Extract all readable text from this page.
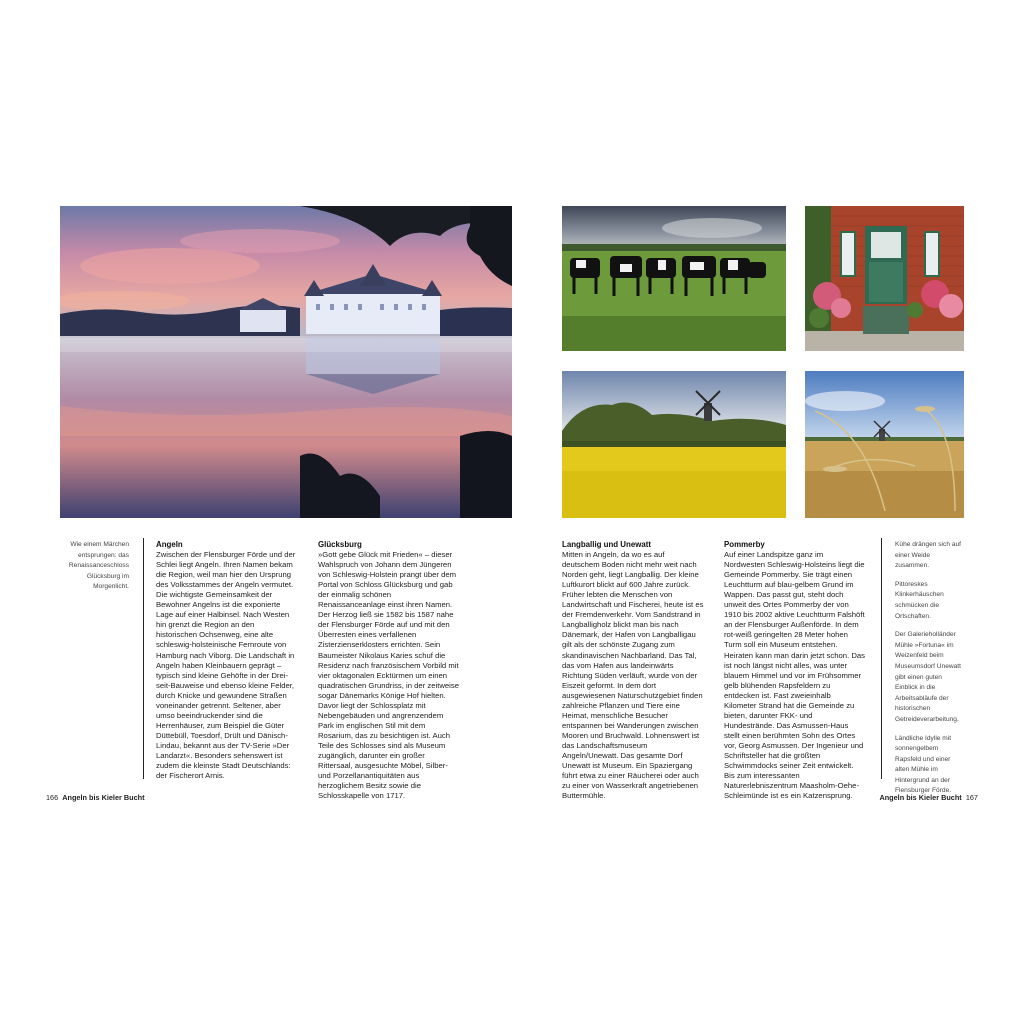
Wie einem Märchen entsprungen: das Renaissanceschloss Glücksburg im Morgenlicht.

Angeln

Zwischen der Flensburger Förde und der Schlei liegt Angeln. Ihren Namen bekam die Region, weil man hier den Ursprung des Volksstammes der Angeln vermutet. Die wichtigste Gemeinsamkeit der Bewohner Angelns ist die exponierte Lage auf einer Halbinsel. Nach Westen hin grenzt die Region an den historischen Ochsenweg, eine alte schleswig-holsteinische Fernroute von Hamburg nach Viborg. Die Landschaft in Angeln haben Kleinbauern geprägt – typisch sind kleine Gehöfte in der Drei-seit-Bauweise und ebenso kleine Felder, durch Knicke und gewundene Straßen voneinander getrennt. Seltener, aber umso beeindruckender sind die Herrenhäuser, zum Beispiel die Güter Düttebüll, Toesdorf, Drült und Dänisch-Lindau, bekannt aus der TV-Serie »Der Landarzt«. Besonders sehenswert ist zudem die kleinste Stadt Deutschlands: der Fischerort Arnis.

Glücksburg

»Gott gebe Glück mit Frieden« – dieser Wahlspruch von Johann dem Jüngeren von Schleswig-Holstein prangt über dem Portal von Schloss Glücksburg und gab der einmalig schönen Renaissanceanlage einst ihren Namen. Der Herzog ließ sie 1582 bis 1587 nahe der Flensburger Förde auf und mit den Überresten eines verfallenen Zisterzienserklosters errichten. Sein Baumeister Nikolaus Karies schuf die Residenz nach französischem Vorbild mit vier oktagonalen Ecktürmen um einen quadratischen Grundriss, in der zeitweise sogar Dänemarks Könige Hof hielten.

Davor liegt der Schlossplatz mit Nebengebäuden und angrenzendem Park im englischen Stil mit dem Rosarium, das zu besichtigen ist. Auch Teile des Schlosses sind als Museum zugänglich, darunter ein großer Rittersaal, ausgesuchte Möbel, Silber- und Porzellanantiquitäten aus herzoglichem Besitz sowie die Schlosskapelle von 1717.

Langballig und Unewatt

Mitten in Angeln, da wo es auf deutschem Boden nicht mehr weit nach Norden geht, liegt Langballig. Der kleine Luftkurort blickt auf 600 Jahre zurück. Früher lebten die Menschen von Landwirtschaft und Fischerei, heute ist es der Fremdenverkehr. Vom Sandstrand in Langballigholz blickt man bis nach Dänemark, der Hafen von Langballigau gilt als der schönste Zugang zum skandinavischen Nachbarland. Das Tal, das vom Hafen aus landeinwärts Richtung Süden verläuft, wurde von der Eiszeit geformt. In dem dort ausgewiesenen Naturschutzgebiet finden zahlreiche Pflanzen und Tiere eine Heimat, menschliche Besucher entspannen bei Wanderungen zwischen Mooren und Bruchwald. Lohnenswert ist das Landschaftsmuseum Angeln/Unewatt. Das gesamte Dorf Unewatt ist Museum. Ein Spaziergang führt etwa zu einer Räucherei oder auch zu einer von Wasserkraft angetriebenen Buttermühle.

Pommerby

Auf einer Landspitze ganz im Nordwesten Schleswig-Holsteins liegt die Gemeinde Pommerby. Sie trägt einen Leuchtturm auf blau-gelbem Grund im Wappen. Das passt gut, steht doch unweit des Ortes Pommerby der von 1910 bis 2002 aktive Leuchtturm Falshöft an der Flensburger Außenförde. In dem rot-weiß geringelten 28 Meter hohen Turm soll ein Museum entstehen. Heiraten kann man darin jetzt schon. Das ist noch längst nicht alles, was unter blauem Himmel und vor im Frühsommer gelb blühenden Rapsfeldern zu entdecken ist. Fast zweieinhalb Kilometer Strand hat die Gemeinde zu bieten, darunter FKK- und Hundestrände. Das Asmussen-Haus stellt einen berühmten Sohn des Ortes vor, Georg Asmussen. Der Ingenieur und Schriftsteller hat die größten Schwimmdocks seiner Zeit entwickelt.

Bis zum interessanten Naturerlebniszentrum Maasholm-Oehe-Schleimünde ist es ein Katzensprung.

Kühe drängen sich auf einer Weide zusammen.

Pittoreskes Klinkerhäuschen schmücken die Ortschaften.

Der Galerieholländer Mühle »Fortuna« im Weizenfeld beim Museumsdorf Unewatt gibt einen guten Einblick in die Arbeitsabläufe der historischen Getreideverarbeitung.

Ländliche Idylle mit sonnengelbem Rapsfeld und einer alten Mühle im Hintergrund an der Flensburger Förde.

166 Angeln bis Kieler Bucht	Angeln bis Kieler Bucht 167
